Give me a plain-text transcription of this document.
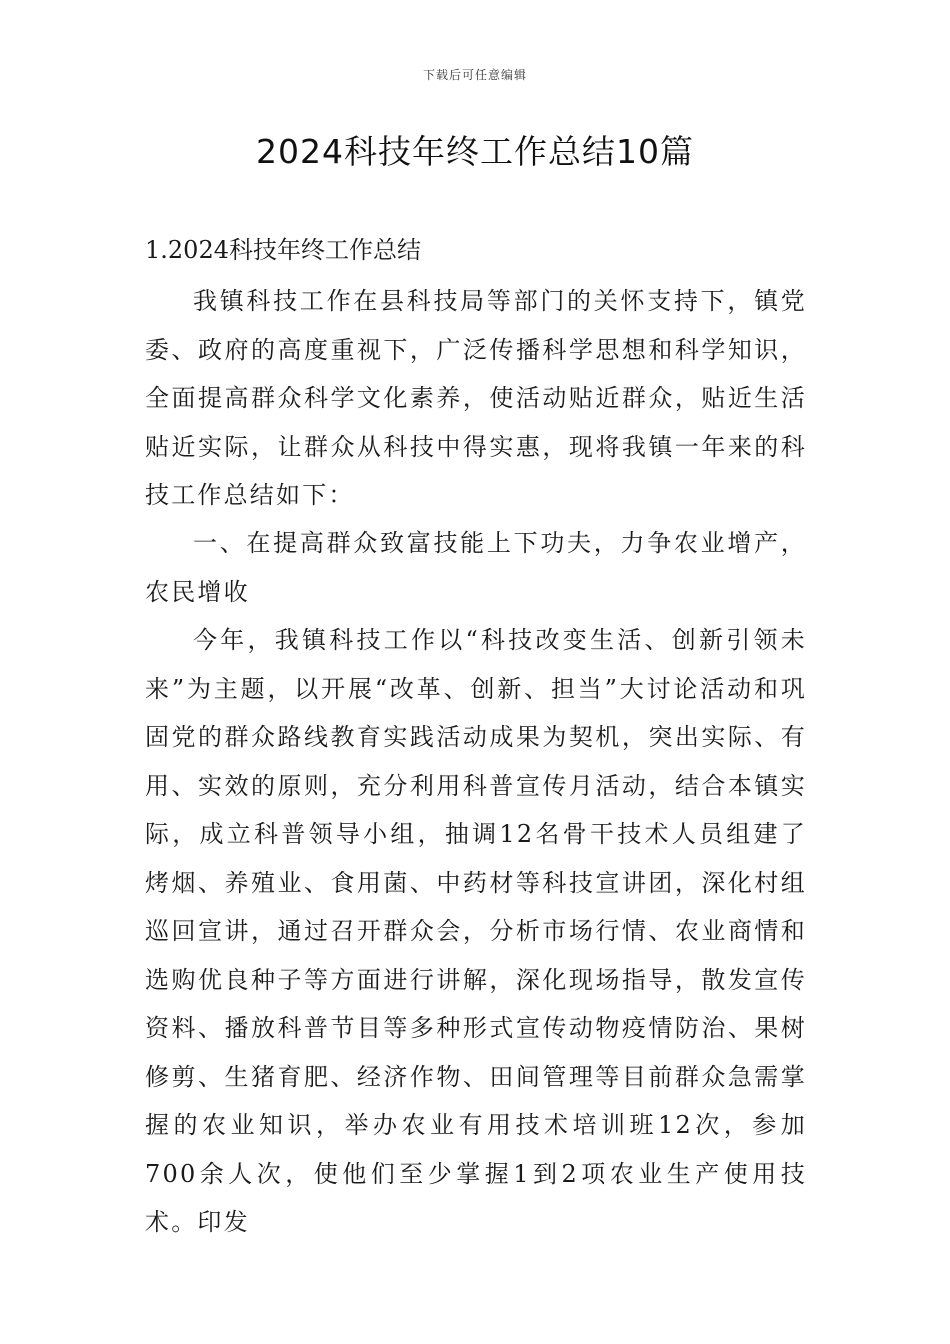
下载后可任意编辑
2024科技年终工作总结10篇
1.2024科技年终工作总结

我镇科技工作在县科技局等部门的关怀支持下，镇党委、政府的高度重视下，广泛传播科学思想和科学知识，全面提高群众科学文化素养，使活动贴近群众，贴近生活贴近实际，让群众从科技中得实惠，现将我镇一年来的科技工作总结如下：

一、在提高群众致富技能上下功夫，力争农业增产，农民增收

今年，我镇科技工作以“科技改变生活、创新引领未来”为主题，以开展“改革、创新、担当”大讨论活动和巩固党的群众路线教育实践活动成果为契机，突出实际、有用、实效的原则，充分利用科普宣传月活动，结合本镇实际，成立科普领导小组，抽调12名骨干技术人员组建了烤烟、养殖业、食用菌、中药材等科技宣讲团，深化村组巡回宣讲，通过召开群众会，分析市场行情、农业商情和选购优良种子等方面进行讲解，深化现场指导，散发宣传资料、播放科普节目等多种形式宣传动物疫情防治、果树修剪、生猪育肥、经济作物、田间管理等目前群众急需掌握的农业知识，举办农业有用技术培训班12次，参加700余人次，使他们至少掌握1到2项农业生产使用技术。印发
